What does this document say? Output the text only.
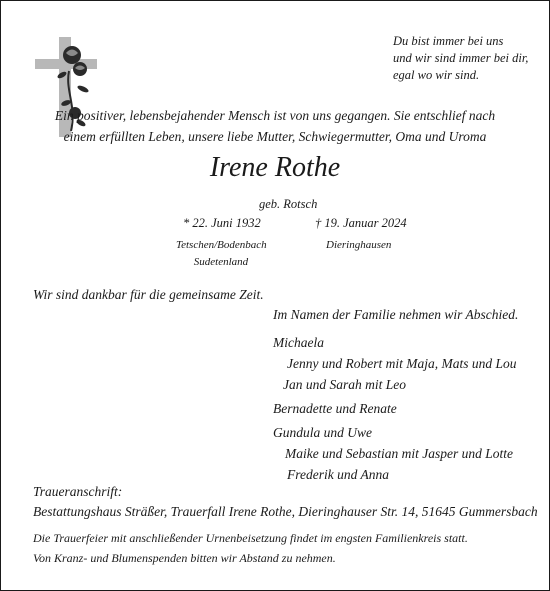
Du bist immer bei uns
und wir sind immer bei dir,
egal wo wir sind.
Ein positiver, lebensbejahender Mensch ist von uns gegangen. Sie entschlief nach
einem erfüllten Leben, unsere liebe Mutter, Schwiegermutter, Oma und Uroma
Irene Rothe
geb. Rotsch
* 22. Juni 1932	† 19. Januar 2024
Tetschen/Bodenbach
Sudetenland
Dieringhausen
Wir sind dankbar für die gemeinsame Zeit.
Im Namen der Familie nehmen wir Abschied.
Michaela
Jenny und Robert mit Maja, Mats und Lou
Jan und Sarah mit Leo
Bernadette und Renate
Gundula und Uwe
Maike und Sebastian mit Jasper und Lotte
Frederik und Anna
Traueranschrift:
Bestattungshaus Sträßer, Trauerfall Irene Rothe, Dieringhauser Str. 14, 51645 Gummersbach
Die Trauerfeier mit anschließender Urnenbeisetzung findet im engsten Familienkreis statt.
Von Kranz- und Blumenspenden bitten wir Abstand zu nehmen.
